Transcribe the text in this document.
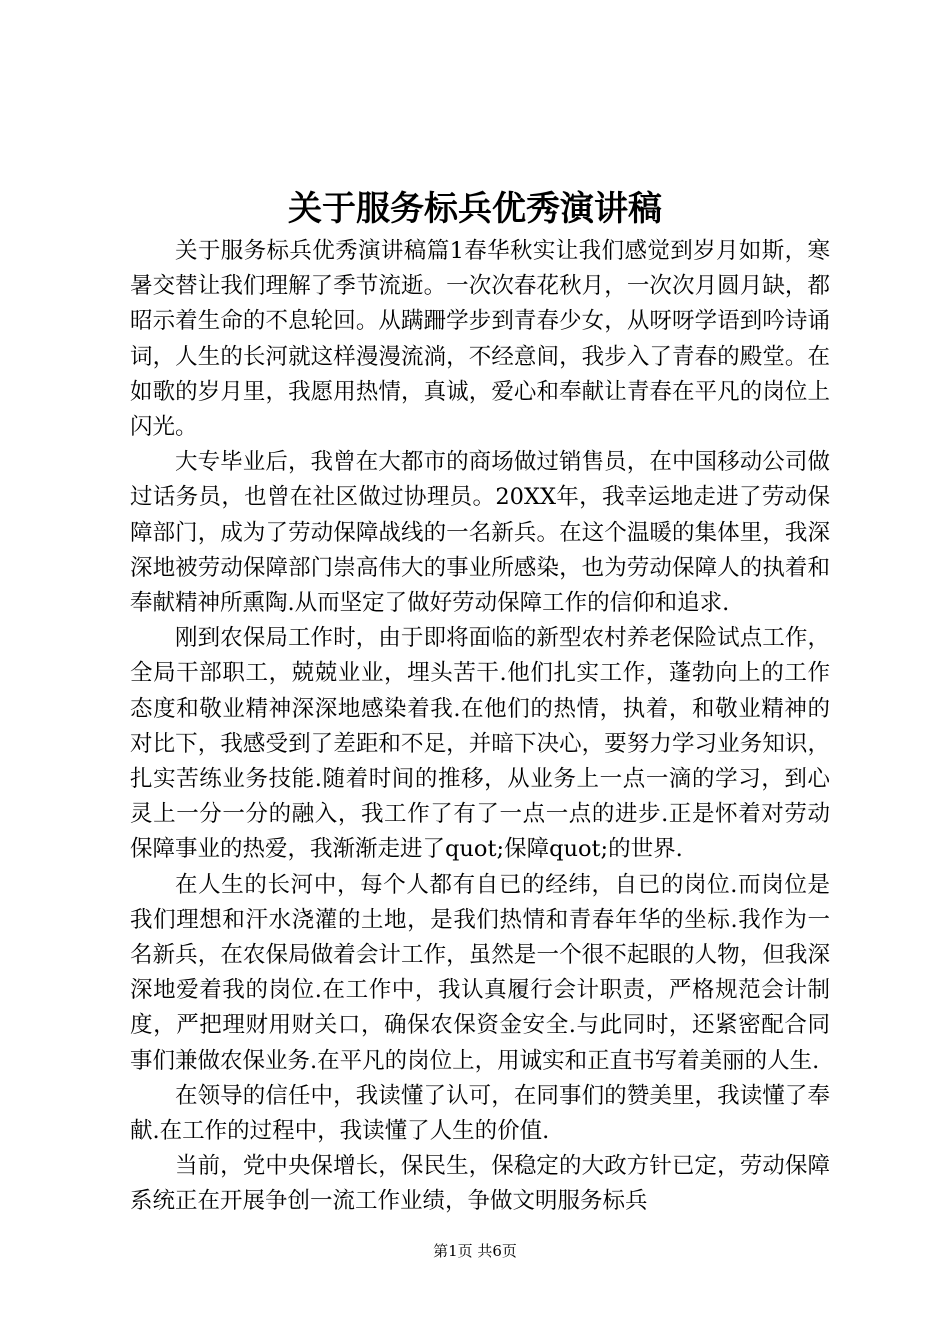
关于服务标兵优秀演讲稿

关于服务标兵优秀演讲稿篇1春华秋实让我们感觉到岁月如斯，寒暑交替让我们理解了季节流逝。一次次春花秋月，一次次月圆月缺，都昭示着生命的不息轮回。从蹒跚学步到青春少女，从呀呀学语到吟诗诵词，人生的长河就这样漫漫流淌，不经意间，我步入了青春的殿堂。在如歌的岁月里，我愿用热情，真诚，爱心和奉献让青春在平凡的岗位上闪光。

大专毕业后，我曾在大都市的商场做过销售员，在中国移动公司做过话务员，也曾在社区做过协理员。20XX年，我幸运地走进了劳动保障部门，成为了劳动保障战线的一名新兵。在这个温暖的集体里，我深深地被劳动保障部门崇高伟大的事业所感染，也为劳动保障人的执着和奉献精神所熏陶.从而坚定了做好劳动保障工作的信仰和追求.

刚到农保局工作时，由于即将面临的新型农村养老保险试点工作，全局干部职工，兢兢业业，埋头苦干.他们扎实工作，蓬勃向上的工作态度和敬业精神深深地感染着我.在他们的热情，执着，和敬业精神的对比下，我感受到了差距和不足，并暗下决心，要努力学习业务知识，扎实苦练业务技能.随着时间的推移，从业务上一点一滴的学习，到心灵上一分一分的融入，我工作了有了一点一点的进步.正是怀着对劳动保障事业的热爱，我渐渐走进了quot;保障quot;的世界.

在人生的长河中，每个人都有自已的经纬，自已的岗位.而岗位是我们理想和汗水浇灌的土地，是我们热情和青春年华的坐标.我作为一名新兵，在农保局做着会计工作，虽然是一个很不起眼的人物，但我深深地爱着我的岗位.在工作中，我认真履行会计职责，严格规范会计制度，严把理财用财关口，确保农保资金安全.与此同时，还紧密配合同事们兼做农保业务.在平凡的岗位上，用诚实和正直书写着美丽的人生.

在领导的信任中，我读懂了认可，在同事们的赞美里，我读懂了奉献.在工作的过程中，我读懂了人生的价值.

当前，党中央保增长，保民生，保稳定的大政方针已定，劳动保障系统正在开展争创一流工作业绩，争做文明服务标兵

第1页 共6页
